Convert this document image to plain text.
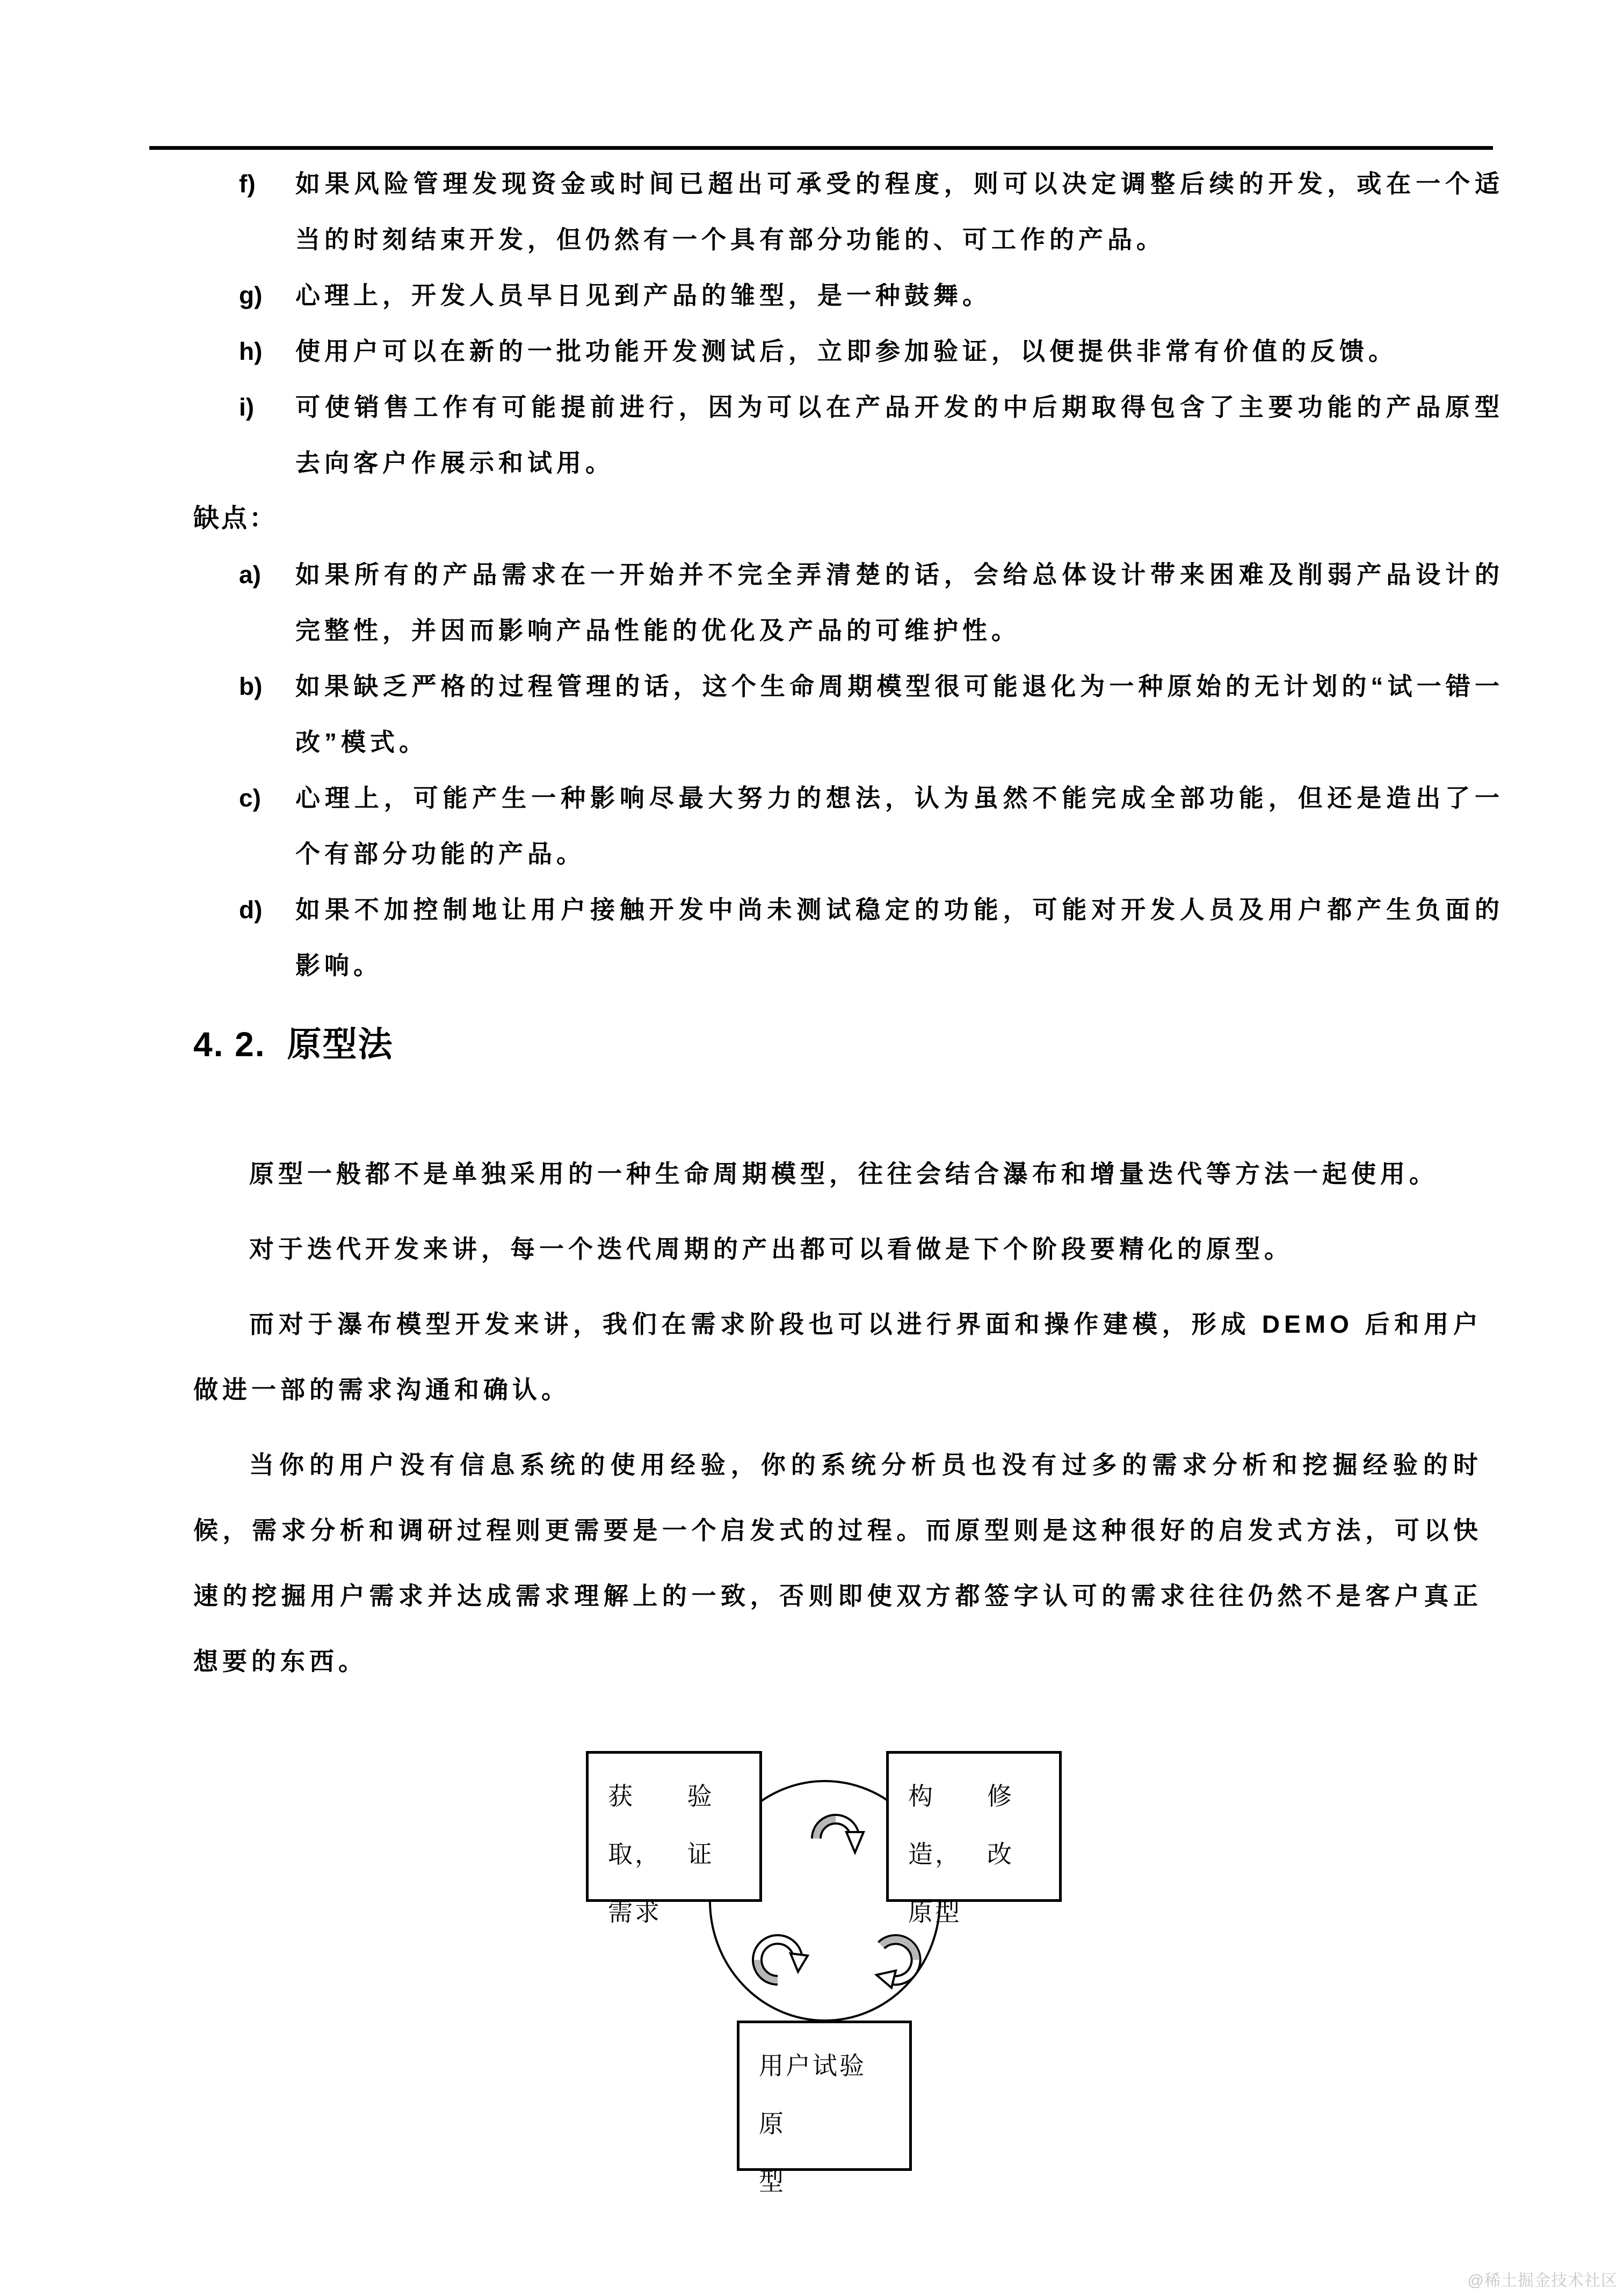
f)	如果风险管理发现资金或时间已超出可承受的程度，则可以决定调整后续的开发，或在一个适当的时刻结束开发，但仍然有一个具有部分功能的、可工作的产品。
g)	心理上，开发人员早日见到产品的雏型，是一种鼓舞。
h)	使用户可以在新的一批功能开发测试后，立即参加验证，以便提供非常有价值的反馈。
i)	可使销售工作有可能提前进行，因为可以在产品开发的中后期取得包含了主要功能的产品原型去向客户作展示和试用。
缺点：
a)	如果所有的产品需求在一开始并不完全弄清楚的话，会给总体设计带来困难及削弱产品设计的完整性，并因而影响产品性能的优化及产品的可维护性。
b)	如果缺乏严格的过程管理的话，这个生命周期模型很可能退化为一种原始的无计划的“试一错一改”模式。
c)	心理上，可能产生一种影响尽最大努力的想法，认为虽然不能完成全部功能，但还是造出了一个有部分功能的产品。
d)	如果不加控制地让用户接触开发中尚未测试稳定的功能，可能对开发人员及用户都产生负面的影响。
4. 2. 原型法

原型一般都不是单独采用的一种生命周期模型，往往会结合瀑布和增量迭代等方法一起使用。

对于迭代开发来讲，每一个迭代周期的产出都可以看做是下个阶段要精化的原型。

而对于瀑布模型开发来讲，我们在需求阶段也可以进行界面和操作建模，形成 DEMO 后和用户做进一部的需求沟通和确认。

当你的用户没有信息系统的使用经验，你的系统分析员也没有过多的需求分析和挖掘经验的时候，需求分析和调研过程则更需要是一个启发式的过程。而原型则是这种很好的启发式方法，可以快速的挖掘用户需求并达成需求理解上的一致，否则即使双方都签字认可的需求往往仍然不是客户真正想要的东西。

获取，
验证
需求
构造，
修改
原型
用户试验原
型
@稀土掘金技术社区
